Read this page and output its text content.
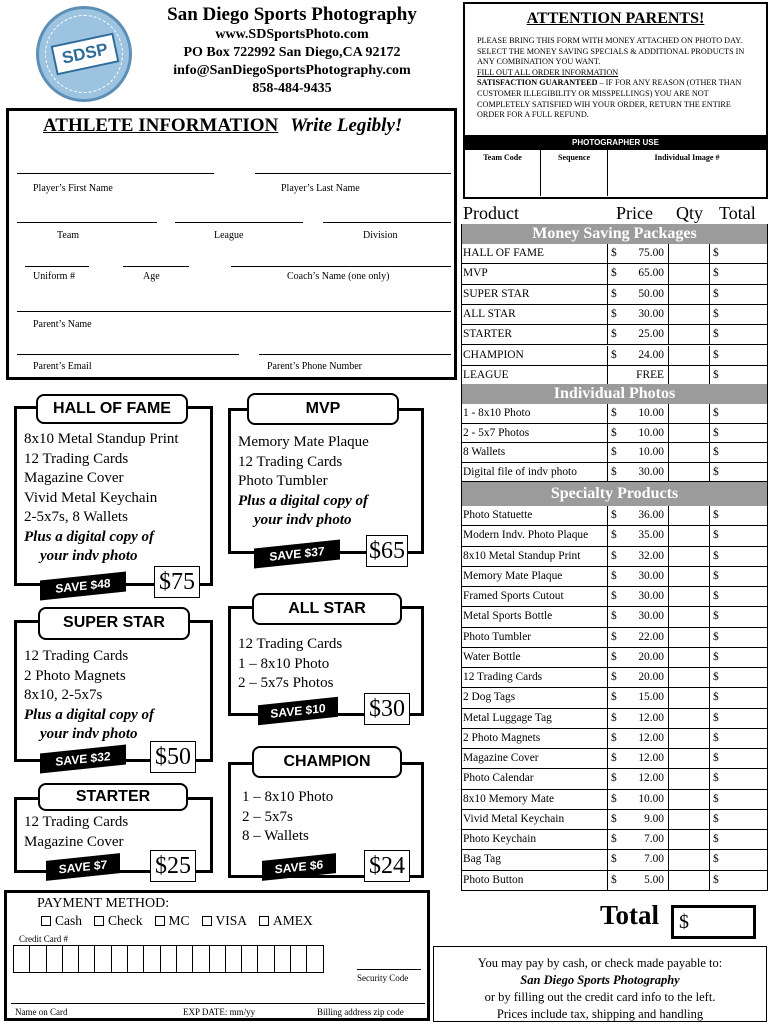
SDSP
San Diego Sports Photography
www.SDSportsPhoto.com
PO Box 722992 San Diego,CA 92172
info@SanDiegoSportsPhotography.com
858-484-9435
ATTENTION PARENTS!
PLEASE BRING THIS FORM WITH MONEY ATTACHED ON PHOTO DAY. SELECT THE MONEY SAVING SPECIALS & ADDITIONAL PRODUCTS IN ANY COMBINATION YOU WANT.
FILL OUT ALL ORDER INFORMATION
SATISFACTION GUARANTEED – IF FOR ANY REASON (OTHER THAN CUSTOMER ILLEGIBILITY OR MISSPELLINGS) YOU ARE NOT COMPLETELY SATISFIED WIH YOUR ORDER, RETURN THE ENTIRE ORDER FOR A FULL REFUND.
PHOTOGRAPHER USE
Team Code	Sequence	Individual Image #
ATHLETE INFORMATION Write Legibly!
Player’s First Name	Player’s Last Name
Team	League	Division
Uniform #	Age	Coach’s Name (one only)
Parent’s Name
Parent’s Email	Parent’s Phone Number
HALL OF FAME
8x10 Metal Standup Print
12 Trading Cards
Magazine Cover
Vivid Metal Keychain
2-5x7s, 8 Wallets
Plus a digital copy of
your indv photo
SAVE $48	$75
MVP
Memory Mate Plaque
12 Trading Cards
Photo Tumbler
Plus a digital copy of
your indv photo
SAVE $37	$65
SUPER STAR
12 Trading Cards
2 Photo Magnets
8x10, 2-5x7s
Plus a digital copy of
your indv photo
SAVE $32	$50
ALL STAR
12 Trading Cards
1 – 8x10 Photo
2 – 5x7s Photos
SAVE $10	$30
STARTER
12 Trading Cards
Magazine Cover
SAVE $7	$25
CHAMPION
1 – 8x10 Photo
2 – 5x7s
8 – Wallets
SAVE $6	$24
Product	Price Qty Total
Money Saving Packages
HALL OF FAME	$ 75.00	$
MVP	$ 65.00	$
SUPER STAR	$ 50.00	$
ALL STAR	$ 30.00	$
STARTER	$ 25.00	$
CHAMPION	$ 24.00	$
LEAGUE	FREE	$
Individual Photos
1 - 8x10 Photo	$ 10.00	$
2 - 5x7 Photos	$ 10.00	$
8 Wallets	$ 10.00	$
Digital file of indv photo	$ 30.00	$
Specialty Products
Photo Statuette	$ 36.00	$
Modern Indv. Photo Plaque	$ 35.00	$
8x10 Metal Standup Print	$ 32.00	$
Memory Mate Plaque	$ 30.00	$
Framed Sports Cutout	$ 30.00	$
Metal Sports Bottle	$ 30.00	$
Photo Tumbler	$ 22.00	$
Water Bottle	$ 20.00	$
12 Trading Cards	$ 20.00	$
2 Dog Tags	$ 15.00	$
Metal Luggage Tag	$ 12.00	$
2 Photo Magnets	$ 12.00	$
Magazine Cover	$ 12.00	$
Photo Calendar	$ 12.00	$
8x10 Memory Mate	$ 10.00	$
Vivid Metal Keychain	$ 9.00	$
Photo Keychain	$ 7.00	$
Bag Tag	$ 7.00	$
Photo Button	$ 5.00	$
Total $
PAYMENT METHOD:
Cash Check MC VISA AMEX
Credit Card #
Security Code
Name on Card	EXP DATE: mm/yy	Billing address zip code
You may pay by cash, or check made payable to:
San Diego Sports Photography
or by filling out the credit card info to the left.
Prices include tax, shipping and handling
